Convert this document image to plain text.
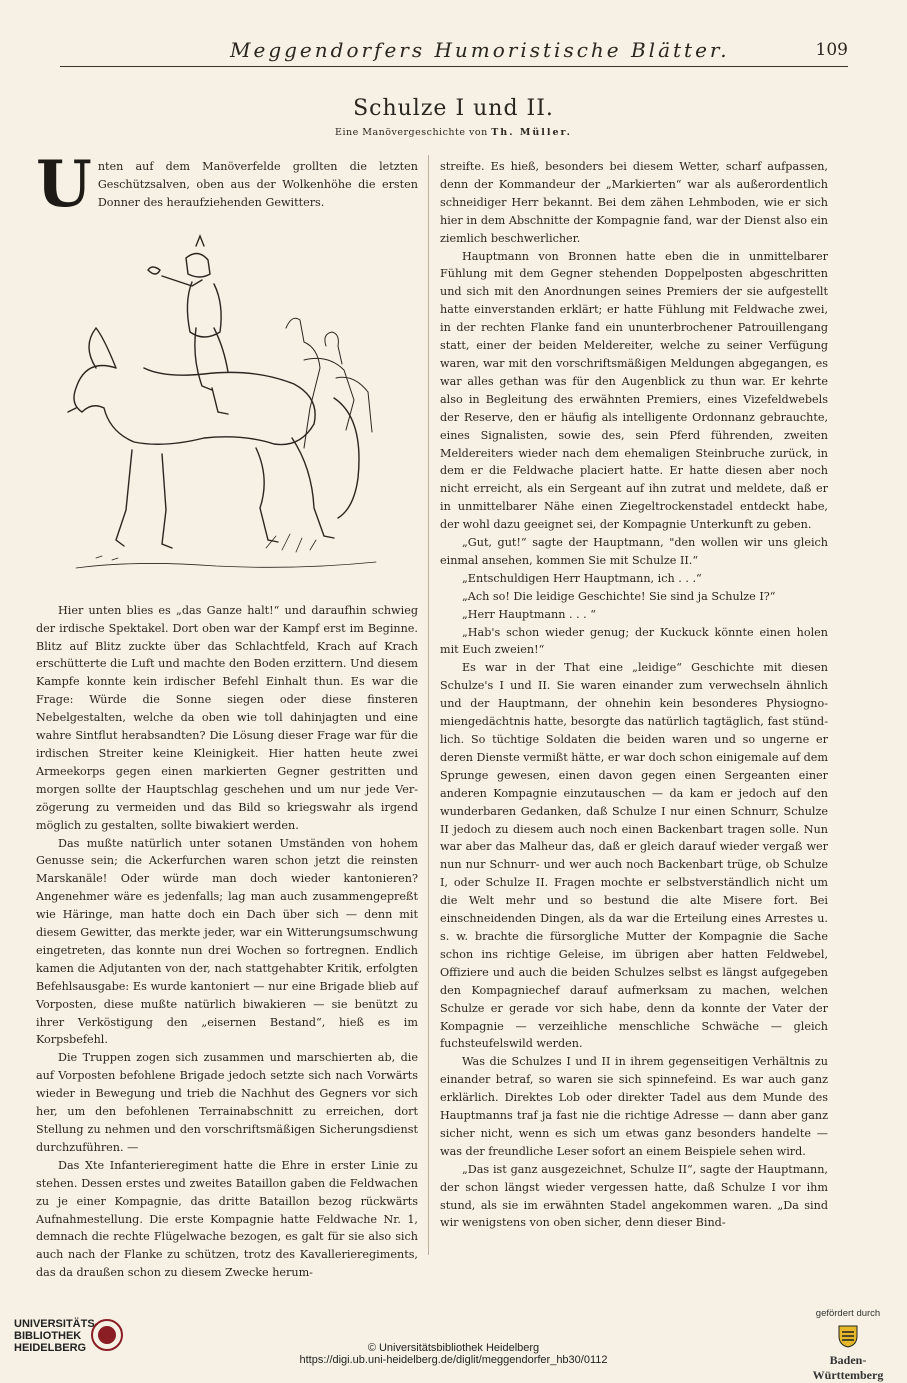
Meggendorfers Humoristische Blätter.	109
Schulze I und II.
Eine Manövergeschichte von Th. Müller.

Unten auf dem Manöverfelde grollten die letzten Geschützsalven, oben aus der Wolkenhöhe die ersten Donner des heraufziehenden Gewitters.

Hier unten blies es „das Ganze halt!“ und daraufhin schwieg der irdische Spektakel. Dort oben war der Kampf erst im Beginne. Blitz auf Blitz zuckte über das Schlachtfeld, Krach auf Krach erschütterte die Luft und machte den Boden erzittern. Und diesem Kampfe konnte kein irdischer Befehl Einhalt thun. Es war die Frage: Würde die Sonne siegen oder diese finsteren Nebelgestalten, welche da oben wie toll dahinjagten und eine wahre Sintflut herabsandten? Die Lösung dieser Frage war für die irdischen Streiter keine Kleinigkeit. Hier hatten heute zwei Armeekorps gegen einen markierten Gegner gestritten und morgen sollte der Hauptschlag geschehen und um nur jede Verzögerung zu vermeiden und das Bild so kriegswahr als irgend möglich zu gestalten, sollte biwakiert werden.

Das mußte natürlich unter sotanen Umständen von hohem Genusse sein; die Ackerfurchen waren schon jetzt die reinsten Marskanäle! Oder würde man doch wieder kantonieren? Angenehmer wäre es jedenfalls; lag man auch zusammengepreßt wie Häringe, man hatte doch ein Dach über sich — denn mit diesem Gewitter, das merkte jeder, war ein Witterungsumschwung eingetreten, das konnte nun drei Wochen so fortregnen. Endlich kamen die Adjutanten von der, nach stattgehabter Kritik, erfolgten Befehlsausgabe: Es wurde kantoniert — nur eine Brigade blieb auf Vorposten, diese mußte natürlich biwakieren — sie benützt zu ihrer Verköstigung den „eisernen Bestand“, hieß es im Korpsbefehl.

Die Truppen zogen sich zusammen und marschierten ab, die auf Vorposten befohlene Brigade jedoch setzte sich nach Vorwärts wieder in Bewegung und trieb die Nachhut des Gegners vor sich her, um den befohlenen Terrainabschnitt zu erreichen, dort Stellung zu nehmen und den vorschriftsmäßigen Sicherungsdienst durchzuführen. —

Das Xte Infanterieregiment hatte die Ehre in erster Linie zu stehen. Dessen erstes und zweites Bataillon gaben die Feldwachen zu je einer Kompagnie, das dritte Bataillon bezog rückwärts Aufnahmestellung. Die erste Kompagnie hatte Feldwache Nr. 1, demnach die rechte Flügelwache bezogen, es galt für sie also sich auch nach der Flanke zu schützen, trotz des Kavallerieregiments, das da draußen schon zu diesem Zwecke herum-

streifte. Es hieß, besonders bei diesem Wetter, scharf aufpassen, denn der Kommandeur der „Markierten“ war als außerordentlich schneidiger Herr bekannt. Bei dem zähen Lehmboden, wie er sich hier in dem Abschnitte der Kompagnie fand, war der Dienst also ein ziemlich beschwerlicher.

Hauptmann von Bronnen hatte eben die in unmittelbarer Fühlung mit dem Gegner stehenden Doppelposten abgeschritten und sich mit den Anordnungen seines Premiers der sie aufgestellt hatte einverstanden erklärt; er hatte Fühlung mit Feldwache zwei, in der rechten Flanke fand ein ununterbrochener Patrouillengang statt, einer der beiden Meldereiter, welche zu seiner Verfügung waren, war mit den vorschriftsmäßigen Meldungen abgegangen, es war alles gethan was für den Augenblick zu thun war. Er kehrte also in Begleitung des erwähnten Premiers, eines Vizefeldwebels der Reserve, den er häufig als intelligente Ordonnanz gebrauchte, eines Signalisten, sowie des, sein Pferd führenden, zweiten Meldereiters wieder nach dem ehemaligen Steinbruche zurück, in dem er die Feldwache placiert hatte. Er hatte diesen aber noch nicht erreicht, als ein Sergeant auf ihn zutrat und meldete, daß er in unmittelbarer Nähe einen Ziegeltrockenstadel entdeckt habe, der wohl dazu geeignet sei, der Kompagnie Unterkunft zu geben.

„Gut, gut!“ sagte der Hauptmann, "den wollen wir uns gleich einmal ansehen, kommen Sie mit Schulze II.“

„Entschuldigen Herr Hauptmann, ich . . .“

„Ach so! Die leidige Geschichte! Sie sind ja Schulze I?“

„Herr Hauptmann . . . “

„Hab's schon wieder genug; der Kuckuck könnte einen holen mit Euch zweien!“

Es war in der That eine „leidige“ Geschichte mit diesen Schulze's I und II. Sie waren einander zum verwechseln ähnlich und der Hauptmann, der ohnehin kein besonderes Physiognomiengedächtnis hatte, besorgte das natürlich tagtäglich, fast stündlich. So tüchtige Soldaten die beiden waren und so ungerne er deren Dienste vermißt hätte, er war doch schon einigemale auf dem Sprunge gewesen, einen davon gegen einen Sergeanten einer anderen Kompagnie einzutauschen — da kam er jedoch auf den wunderbaren Gedanken, daß Schulze I nur einen Schnurr, Schulze II jedoch zu diesem auch noch einen Backenbart tragen solle. Nun war aber das Malheur das, daß er gleich darauf wieder vergaß wer nun nur Schnurr- und wer auch noch Backenbart trüge, ob Schulze I, oder Schulze II. Fragen mochte er selbstverständlich nicht um die Welt mehr und so bestund die alte Misere fort. Bei einschneidenden Dingen, als da war die Erteilung eines Arrestes u. s. w. brachte die fürsorgliche Mutter der Kompagnie die Sache schon ins richtige Geleise, im übrigen aber hatten Feldwebel, Offiziere und auch die beiden Schulzes selbst es längst aufgegeben den Kompagniechef darauf aufmerksam zu machen, welchen Schulze er gerade vor sich habe, denn da konnte der Vater der Kompagnie — verzeihliche menschliche Schwäche — gleich fuchsteufelswild werden.

Was die Schulzes I und II in ihrem gegenseitigen Verhältnis zu einander betraf, so waren sie sich spinnefeind. Es war auch ganz erklärlich. Direktes Lob oder direkter Tadel aus dem Munde des Hauptmanns traf ja fast nie die richtige Adresse — dann aber ganz sicher nicht, wenn es sich um etwas ganz besonders handelte — was der freundliche Leser sofort an einem Beispiele sehen wird.

„Das ist ganz ausgezeichnet, Schulze II“, sagte der Hauptmann, der schon längst wieder vergessen hatte, daß Schulze I vor ihm stund, als sie im erwähnten Stadel angekommen waren. „Da sind wir wenigstens von oben sicher, denn dieser Bind-

UNIVERSITÄTS-
BIBLIOTHEK
HEIDELBERG	© Universitätsbibliothek Heidelberg
https://digi.ub.uni-heidelberg.de/diglit/meggendorfer_hb30/0112
gefördert durch
Baden-Württemberg
